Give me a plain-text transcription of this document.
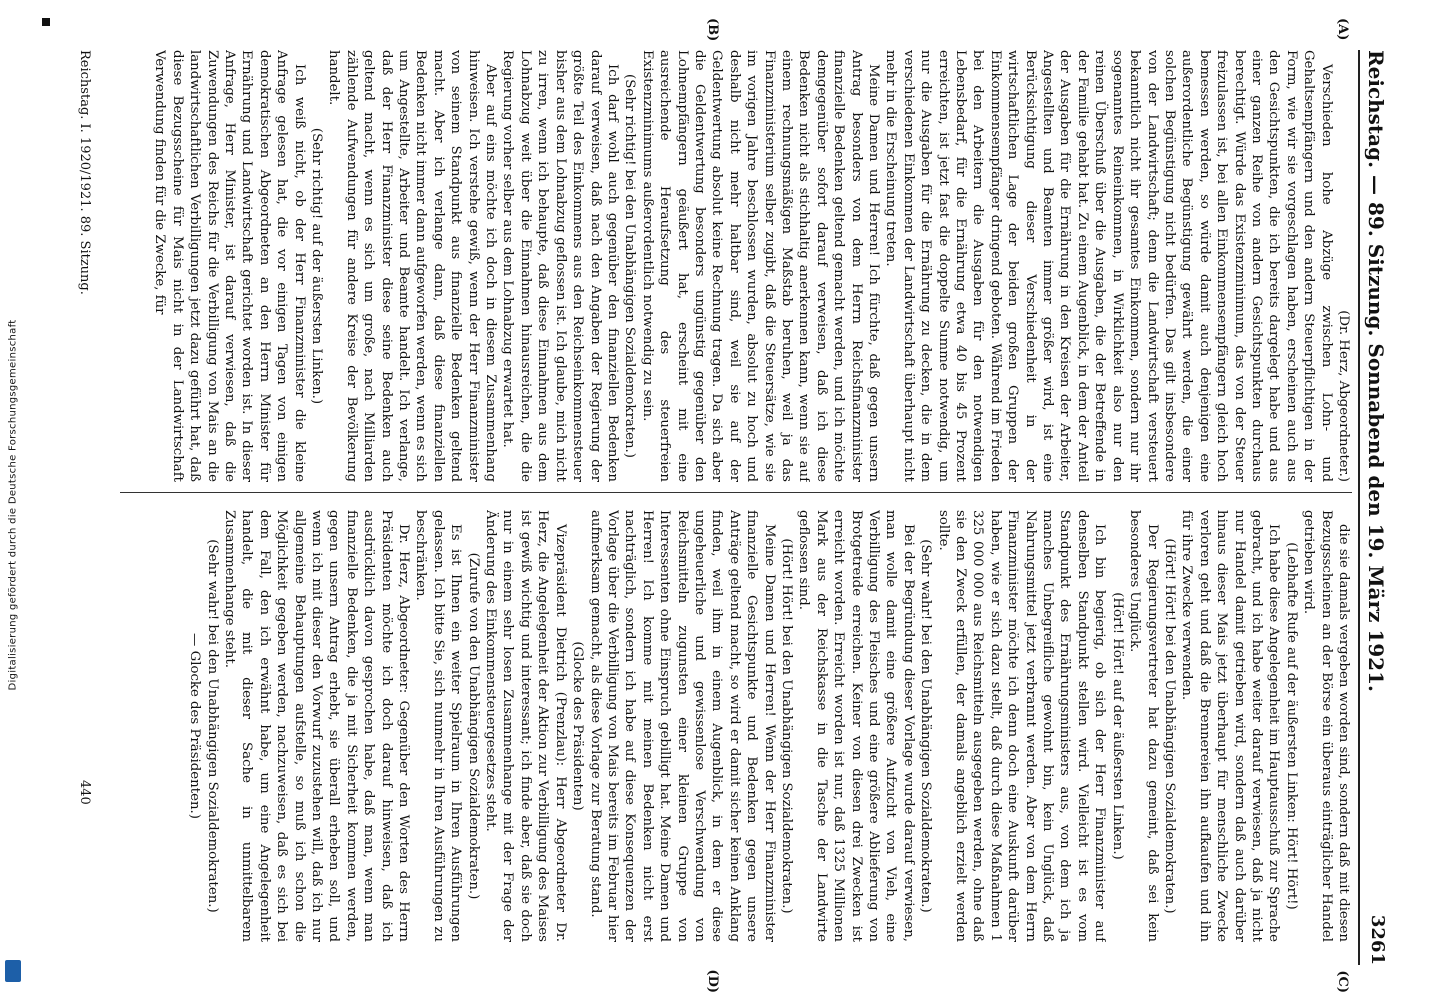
Digitalisierung gefördert durch die Deutsche Forschungsgemeinschaft	Reichstag. — 89. Sitzung. Sonnabend den 19. März 1921.
3261
(A)
(B)
(C)
(D)

(Dr. Herz, Abgeordneter.)

Verschieden hohe Abzüge zwischen Lohn- und Gehaltsempfängern und den andern Steuerpflichtigen in der Form, wie wir sie vorgeschlagen haben, erscheinen auch aus den Gesichtspunkten, die ich bereits dargelegt habe und aus einer ganzen Reihe von andern Gesichtspunkten durchaus berechtigt. Würde das Existenzminimum, das von der Steuer freizulassen ist, bei allen Einkommensempfängern gleich hoch bemessen werden, so würde damit auch denjenigen eine außerordentliche Begünstigung gewährt werden, die einer solchen Begünstigung nicht bedürfen. Das gilt insbesondere von der Landwirtschaft; denn die Landwirtschaft versteuert bekanntlich nicht ihr gesamtes Einkommen, sondern nur ihr sogenanntes Reineinkommen, in Wirklichkeit also nur den reinen Überschuß über die Ausgaben, die der Betreffende in der Familie gehabt hat. Zu einem Augenblick, in dem der Anteil der Ausgaben für die Ernährung in den Kreisen der Arbeiter, Angestellten und Beamten immer größer wird, ist eine Berücksichtigung dieser Verschiedenheit in der wirtschaftlichen Lage der beiden großen Gruppen der Einkommensempfänger dringend geboten. Während im Frieden bei den Arbeitern die Ausgaben für den notwendigen Lebensbedarf, für die Ernährung etwa 40 bis 45 Prozent erreichten, ist jetzt fast die doppelte Summe notwendig, um nur die Ausgaben für die Ernährung zu decken, die in dem verschiedenen Einkommen der Landwirtschaft überhaupt nicht mehr in die Erscheinung treten.

Meine Damen und Herren! Ich fürchte, daß gegen unsern Antrag besonders von dem Herrn Reichsfinanzminister finanzielle Bedenken geltend gemacht werden, und ich möchte demgegenüber sofort darauf verweisen, daß ich diese Bedenken nicht als stichhaltig anerkennen kann, wenn sie auf einem rechnungsmäßigen Maßstab beruhen, weil ja das Finanzministerium selber zugibt, daß die Steuersätze, wie sie im vorigen Jahre beschlossen wurden, absolut zu hoch und deshalb nicht mehr haltbar sind, weil sie auf der Geldentwertung absolut keine Rechnung tragen. Da sich aber die Geldentwertung besonders ungünstig gegenüber den Lohnempfängern geäußert hat, erscheint mit eine ausreichende Heraufsetzung des steuerfreien Existenzminimums außerordentlich notwendig zu sein.

(Sehr richtig! bei den Unabhängigen Sozialdemokraten.)

Ich darf wohl auch gegenüber den finanziellen Bedenken darauf verweisen, daß nach den Angaben der Regierung der größte Teil des Einkommens aus den Reichseinkommensteuer bisher aus dem Lohnabzug geflossen ist. Ich glaube, mich nicht zu irren, wenn ich behaupte, daß diese Einnahmen aus dem Lohnabzug weit über die Einnahmen hinausreichen, die die Regierung vorher selber aus dem Lohnabzug erwartet hat.

Aber auf eins möchte ich doch in diesem Zusammenhang hinweisen. Ich verstehe gewiß, wenn der Herr Finanzminister von seinem Standpunkt aus finanzielle Bedenken geltend macht. Aber ich verlange dann, daß diese finanziellen Bedenken nicht immer dann aufgeworfen werden, wenn es sich um Angestellte, Arbeiter und Beamte handelt. Ich verlange, daß der Herr Finanzminister diese seine Bedenken auch geltend macht, wenn es sich um große, nach Milliarden zählende Aufwendungen für andere Kreise der Bevölkerung handelt.

(Sehr richtig! auf der äußersten Linken.)

Ich weiß nicht, ob der Herr Finanzminister die kleine Anfrage gelesen hat, die vor einigen Tagen von einigen demokratischen Abgeordneten an den Herrn Minister für Ernährung und Landwirtschaft gerichtet worden ist. In dieser Anfrage, Herr Minister, ist darauf verwiesen, daß die Zuwendungen des Reichs für die Verbilligung von Mais an die landwirtschaftlichen Verbilligungen jetzt dazu geführt hat, daß diese Bezugsscheine für Mais nicht in der Landwirtschaft Verwendung finden für die Zwecke, für

die sie damals vergeben worden sind, sondern daß mit diesen Bezugsscheinen an der Börse ein überaus einträglicher Handel getrieben wird.

(Lebhafte Rufe auf der äußersten Linken: Hört! Hört!)

Ich habe diese Angelegenheit im Hauptausschuß zur Sprache gebracht, und ich habe weiter darauf verwiesen, daß ja nicht nur Handel damit getrieben wird, sondern daß auch darüber hinaus dieser Mais jetzt überhaupt für menschliche Zwecke verloren geht und daß die Brennereien ihn aufkaufen und ihn für ihre Zwecke verwenden.

(Hört! Hört! bei den Unabhängigen Sozialdemokraten.)

Der Regierungsvertreter hat dazu gemeint, daß sei kein besonderes Unglück.

(Hört! Hört! auf der äußersten Linken.)

Ich bin begierig, ob sich der Herr Finanzminister auf denselben Standpunkt stellen wird. Vielleicht ist es vom Standpunkt des Ernährungsministers aus, von dem ich ja manches Unbegreifliche gewohnt bin, kein Unglück, daß Nahrungsmittel jetzt verbrannt werden. Aber von dem Herrn Finanzminister möchte ich denn doch eine Auskunft darüber haben, wie er sich dazu stellt, daß durch diese Maßnahmen 1 325 000 000 aus Reichsmitteln ausgegeben werden, ohne daß sie den Zweck erfüllen, der damals angeblich erzielt werden sollte.

(Sehr wahr! bei den Unabhängigen Sozialdemokraten.)

Bei der Begründung dieser Vorlage wurde darauf verwiesen, man wolle damit eine größere Aufzucht von Vieh, eine Verbilligung des Fleisches und eine größere Ablieferung von Brotgetreide erreichen. Keiner von diesen drei Zwecken ist erreicht worden. Erreicht worden ist nur, daß 1325 Millionen Mark aus der Reichskasse in die Tasche der Landwirte geflossen sind.

(Hört! Hört! bei den Unabhängigen Sozialdemokraten.)

Meine Damen und Herren! Wenn der Herr Finanzminister finanzielle Gesichtspunkte und Bedenken gegen unsere Anträge geltend macht, so wird er damit sicher keinen Anklang finden, weil ihm in einem Augenblick, in dem er diese ungeheuerliche und gewissenlose Verschwendung von Reichsmitteln zugunsten einer kleinen Gruppe von Interessenten ohne Einspruch gebilligt hat. Meine Damen und Herren! Ich komme mit meinen Bedenken nicht erst nachträglich, sondern ich habe auf diese Konsequenzen der Vorlage über die Verbilligung von Mais bereits im Februar hier aufmerksam gemacht, als diese Vorlage zur Beratung stand.

(Glocke des Präsidenten)

Vizepräsident Dietrich (Prenzlau): Herr Abgeordneter Dr. Herz, die Angelegenheit der Aktion zur Verbilligung des Maises ist gewiß wichtig und interessant; ich finde aber, daß sie doch nur in einem sehr losen Zusammenhange mit der Frage der Änderung des Einkommensteuergesetzes steht.

(Zurufe von den Unabhängigen Sozialdemokraten.)

Es ist Ihnen ein weiter Spielraum in Ihren Ausführungen gelassen. Ich bitte Sie, sich nunmehr in Ihren Ausführungen zu beschränken.

Dr. Herz, Abgeordneter: Gegenüber den Worten des Herrn Präsidenten möchte ich doch darauf hinweisen, daß ich ausdrücklich davon gesprochen habe, daß man, wenn man finanzielle Bedenken, die ja mit Sicherheit kommen werden, gegen unsern Antrag erhebt, sie überall erheben soll, und wenn ich mit dieser den Vorwurf zuzustehen will, daß ich nur allgemeine Behauptungen aufstelle, so muß ich schon die Möglichkeit gegeben werden, nachzuweisen, daß es sich bei dem Fall, den ich erwähnt habe, um eine Angelegenheit handelt, die mit dieser Sache in unmittelbarem Zusammenhange steht.

(Sehr wahr! bei den Unabhängigen Sozialdemokraten.)

— Glocke des Präsidenten.)

Reichstag. I. 1920/1921. 89. Sitzung.
440
